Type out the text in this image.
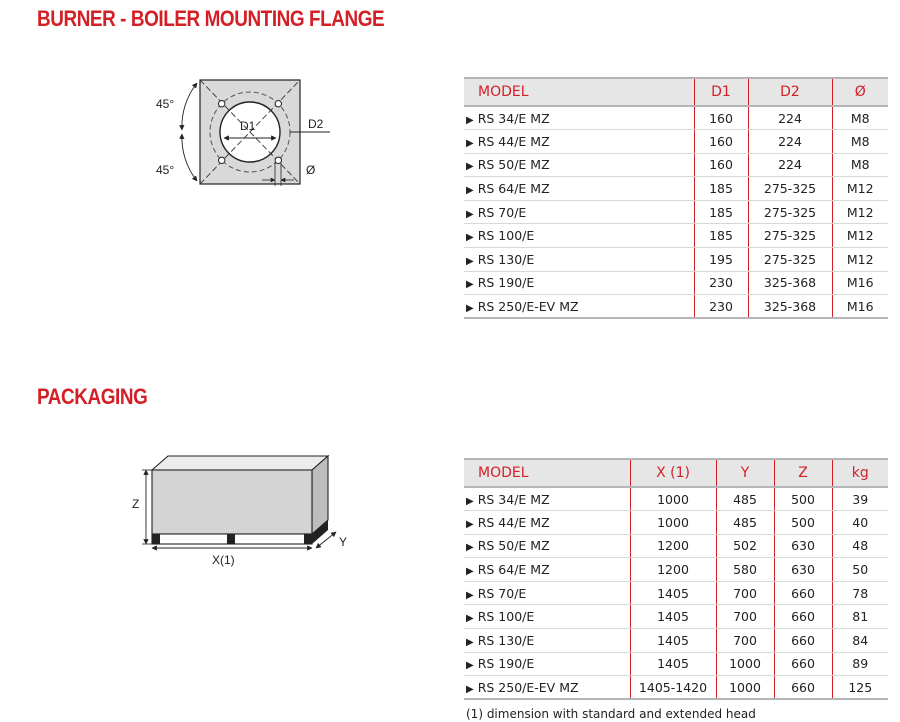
BURNER - BOILER MOUNTING FLANGE
D1	D2
Ø
45°
45°
MODEL	D1	D2	Ø
▶ RS 34/E MZ	160	224	M8
▶ RS 44/E MZ	160	224	M8
▶ RS 50/E MZ	160	224	M8
▶ RS 64/E MZ	185	275-325	M12
▶ RS 70/E	185	275-325	M12
▶ RS 100/E	185	275-325	M12
▶ RS 130/E	195	275-325	M12
▶ RS 190/E	230	325-368	M16
▶ RS 250/E-EV MZ	230	325-368	M16
PACKAGING
Z
X(1)
Y
MODEL	X (1)	Y	Z	kg
▶ RS 34/E MZ	1000	485	500	39
▶ RS 44/E MZ	1000	485	500	40
▶ RS 50/E MZ	1200	502	630	48
▶ RS 64/E MZ	1200	580	630	50
▶ RS 70/E	1405	700	660	78
▶ RS 100/E	1405	700	660	81
▶ RS 130/E	1405	700	660	84
▶ RS 190/E	1405	1000	660	89
▶ RS 250/E-EV MZ	1405-1420	1000	660	125
(1) dimension with standard and extended head
